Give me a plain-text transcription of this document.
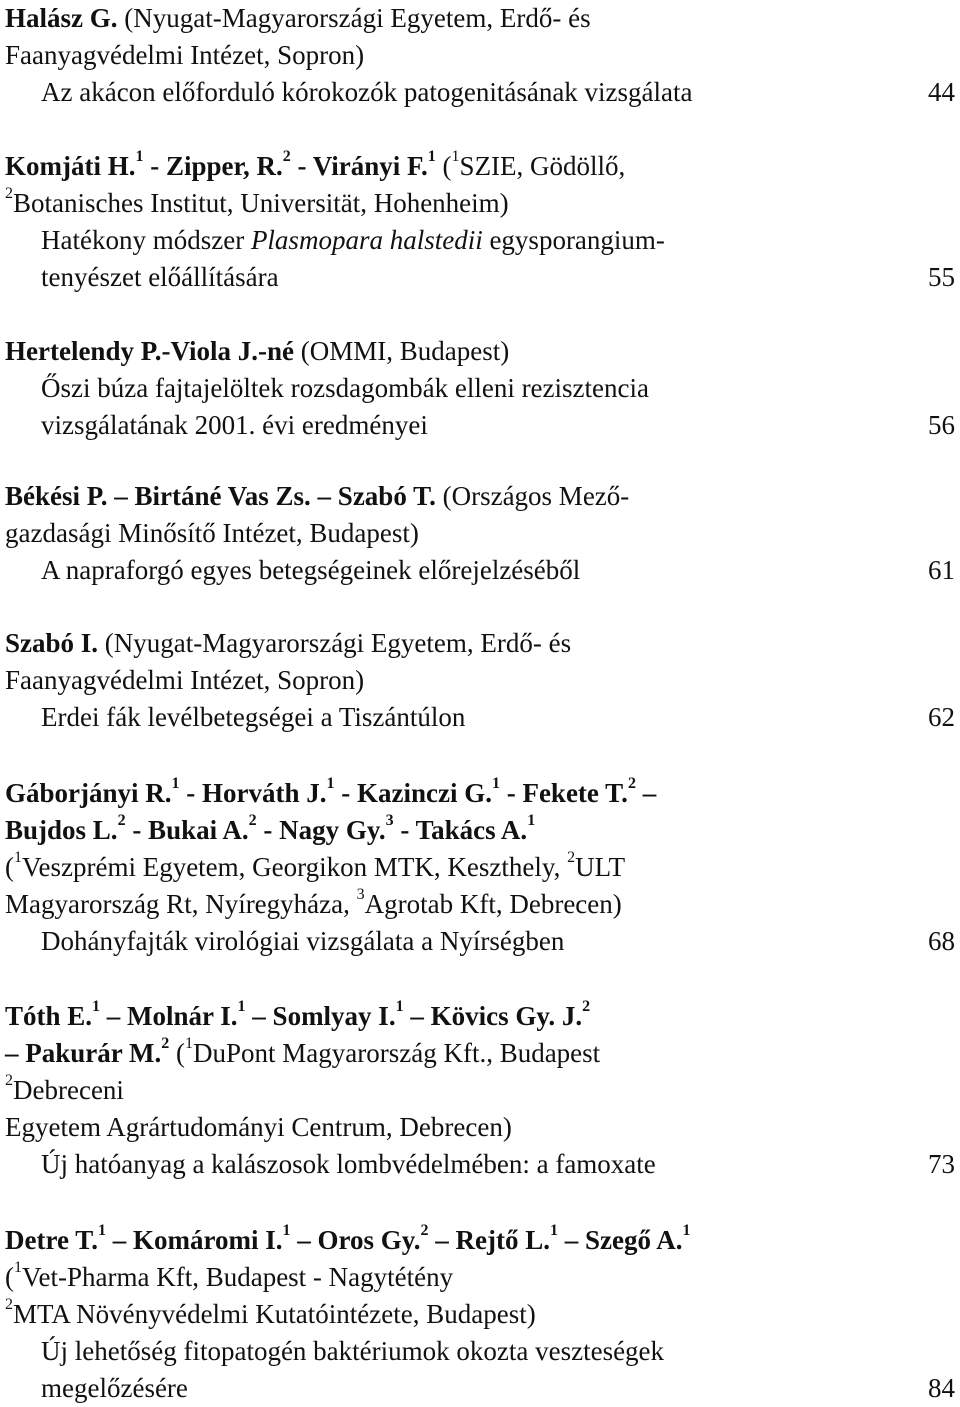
Halász G. (Nyugat-Magyarországi Egyetem, Erdő- és
Faanyagvédelmi Intézet, Sopron)
Az akácon előforduló kórokozók patogenitásának vizsgálata	44
Komjáti H.$^1$ - Zipper, R.$^2$ - Virányi F.$^1$ ($^1$SZIE, Gödöllő,
$^2$Botanisches Institut, Universität, Hohenheim)
Hatékony módszer Plasmopara halstedii egysporangium-
tenyészet előállítására	55
Hertelendy P.-Viola J.-né (OMMI, Budapest)
Őszi búza fajtajelöltek rozsdagombák elleni rezisztencia
vizsgálatának 2001. évi eredményei	56
Békési P. – Birtáné Vas Zs. – Szabó T. (Országos Mező-
gazdasági Minősítő Intézet, Budapest)
A napraforgó egyes betegségeinek előrejelzéséből	61
Szabó I. (Nyugat-Magyarországi Egyetem, Erdő- és
Faanyagvédelmi Intézet, Sopron)
Erdei fák levélbetegségei a Tiszántúlon	62
Gáborjányi R.$^1$ - Horváth J.$^1$ - Kazinczi G.$^1$ - Fekete T.$^2$ –
Bujdos L.$^2$ - Bukai A.$^2$ - Nagy Gy.$^3$ - Takács A.$^1$
($^1$Veszprémi Egyetem, Georgikon MTK, Keszthely, $^2$ULT
Magyarország Rt, Nyíregyháza, $^3$Agrotab Kft, Debrecen)
Dohányfajták virológiai vizsgálata a Nyírségben	68
Tóth E.$^1$ – Molnár I.$^1$ – Somlyay I.$^1$ – Kövics Gy. J.$^2$
– Pakurár M.$^2$ ($^1$DuPont Magyarország Kft., Budapest
$^2$Debreceni
Egyetem Agrártudományi Centrum, Debrecen)
Új hatóanyag a kalászosok lombvédelmében: a famoxate	73
Detre T.$^1$ – Komáromi I.$^1$ – Oros Gy.$^2$ – Rejtő L.$^1$ – Szegő A.$^1$
($^1$Vet-Pharma Kft, Budapest - Nagytétény
$^2$MTA Növényvédelmi Kutatóintézete, Budapest)
Új lehetőség fitopatogén baktériumok okozta veszteségek
megelőzésére	84
